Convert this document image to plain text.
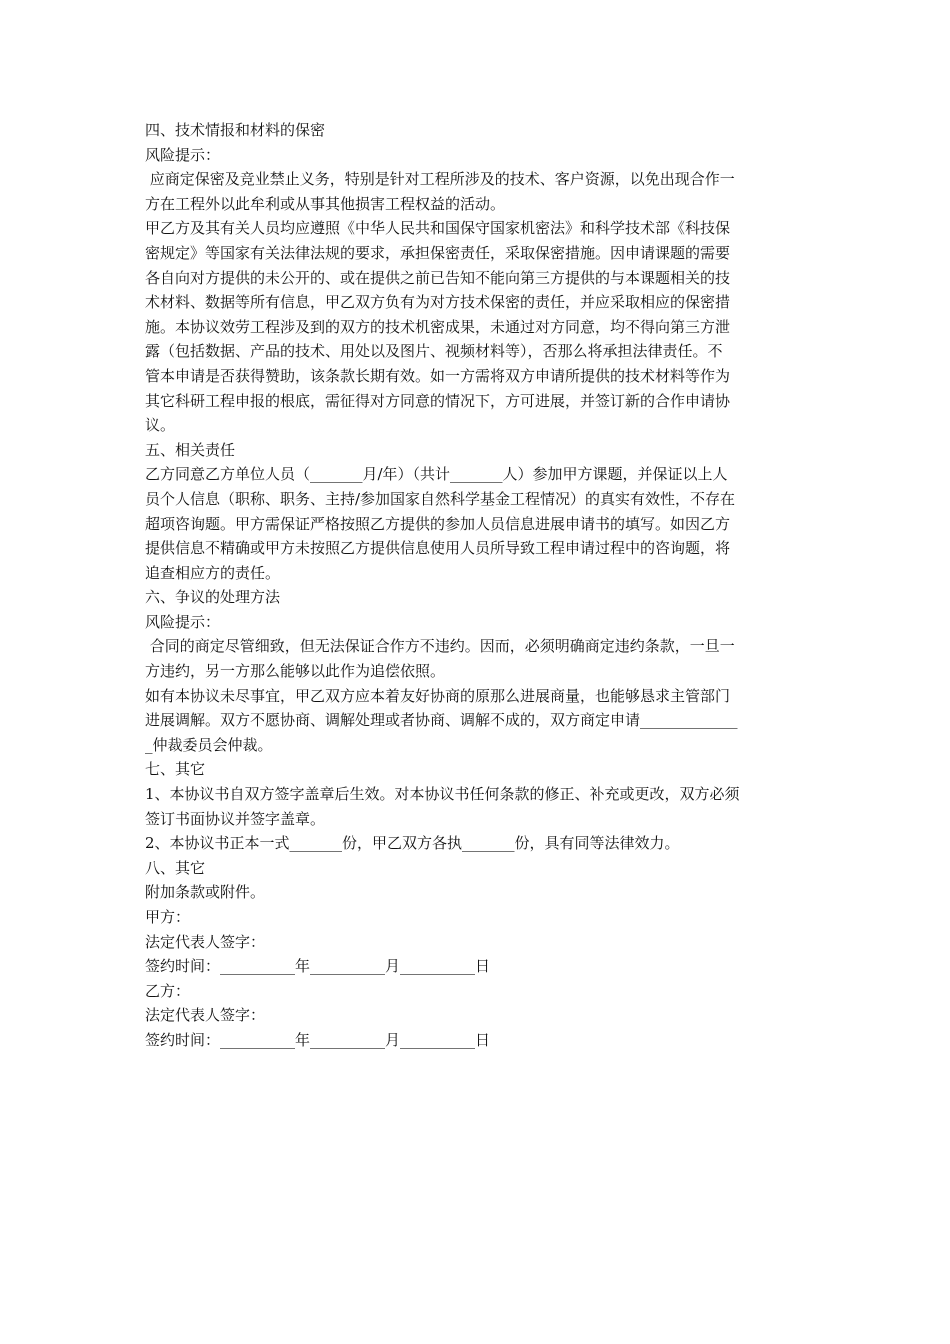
四、技术情报和材料的保密
风险提示：
应商定保密及竞业禁止义务，特别是针对工程所涉及的技术、客户资源，以免出现合作一
方在工程外以此牟利或从事其他损害工程权益的活动。
甲乙方及其有关人员均应遵照《中华人民共和国保守国家机密法》和科学技术部《科技保
密规定》等国家有关法律法规的要求，承担保密责任，采取保密措施。因申请课题的需要
各自向对方提供的未公开的、或在提供之前已告知不能向第三方提供的与本课题相关的技
术材料、数据等所有信息，甲乙双方负有为对方技术保密的责任，并应采取相应的保密措
施。本协议效劳工程涉及到的双方的技术机密成果，未通过对方同意，均不得向第三方泄
露（包括数据、产品的技术、用处以及图片、视频材料等），否那么将承担法律责任。不
管本申请是否获得赞助，该条款长期有效。如一方需将双方申请所提供的技术材料等作为
其它科研工程申报的根底，需征得对方同意的情况下，方可进展，并签订新的合作申请协
议。
五、相关责任
乙方同意乙方单位人员（_______月/年）（共计_______人）参加甲方课题，并保证以上人
员个人信息（职称、职务、主持/参加国家自然科学基金工程情况）的真实有效性，不存在
超项咨询题。甲方需保证严格按照乙方提供的参加人员信息进展申请书的填写。如因乙方
提供信息不精确或甲方未按照乙方提供信息使用人员所导致工程申请过程中的咨询题，将
追查相应方的责任。
六、争议的处理方法
风险提示：
合同的商定尽管细致，但无法保证合作方不违约。因而，必须明确商定违约条款，一旦一
方违约，另一方那么能够以此作为追偿依照。
如有本协议未尽事宜，甲乙双方应本着友好协商的原那么进展商量，也能够恳求主管部门
进展调解。双方不愿协商、调解处理或者协商、调解不成的，双方商定申请_____________
_仲裁委员会仲裁。
七、其它
1、本协议书自双方签字盖章后生效。对本协议书任何条款的修正、补充或更改，双方必须
签订书面协议并签字盖章。
2、本协议书正本一式_______份，甲乙双方各执_______份，具有同等法律效力。
八、其它
附加条款或附件。
甲方：
法定代表人签字：
签约时间：__________年__________月__________日
乙方：
法定代表人签字：
签约时间：__________年__________月__________日
